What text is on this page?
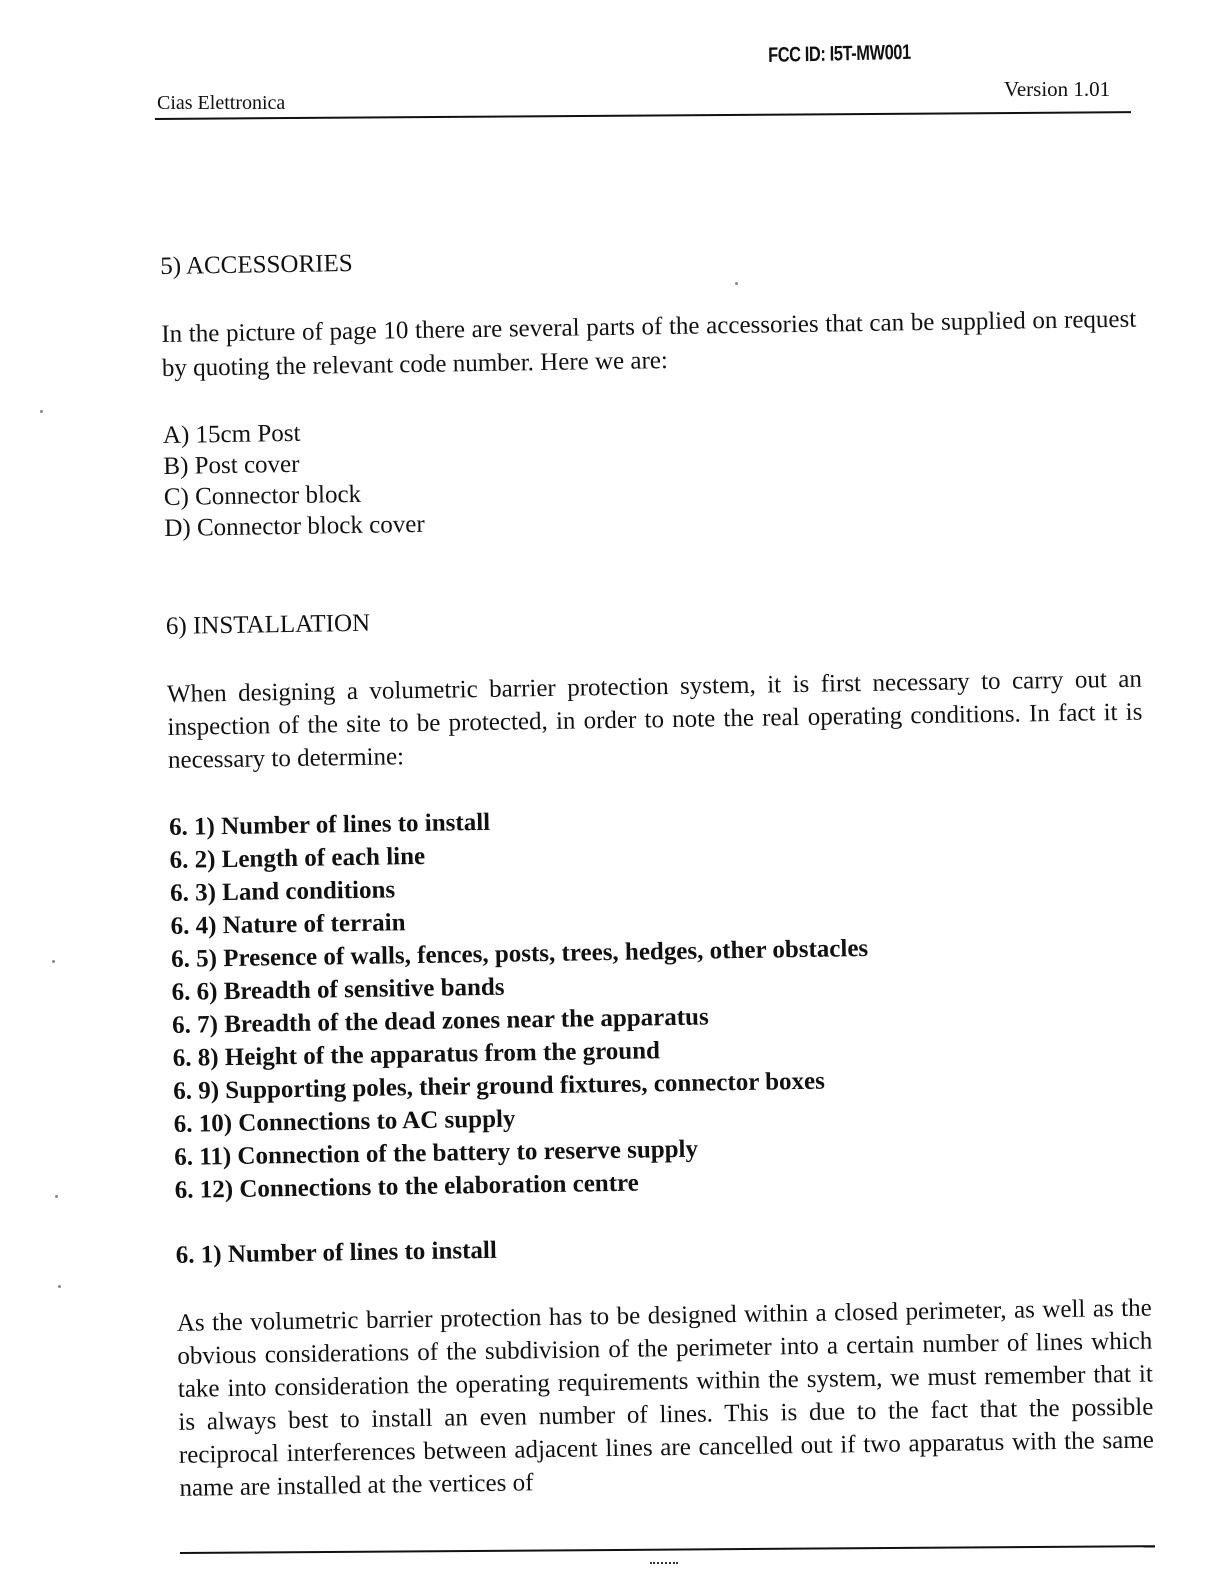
FCC ID: I5T-MW001
Cias Elettronica
Version 1.01
5) ACCESSORIES

In the picture of page 10 there are several parts of the accessories that can be supplied on request by quoting the relevant code number. Here we are:

A) 15cm Post
B) Post cover
C) Connector block
D) Connector block cover
6) INSTALLATION

When designing a volumetric barrier protection system, it is first necessary to carry out an inspection of the site to be protected, in order to note the real operating conditions. In fact it is necessary to determine:

6. 1) Number of lines to install
6. 2) Length of each line
6. 3) Land conditions
6. 4) Nature of terrain
6. 5) Presence of walls, fences, posts, trees, hedges, other obstacles
6. 6) Breadth of sensitive bands
6. 7) Breadth of the dead zones near the apparatus
6. 8) Height of the apparatus from the ground
6. 9) Supporting poles, their ground fixtures, connector boxes
6. 10) Connections to AC supply
6. 11) Connection of the battery to reserve supply
6. 12) Connections to the elaboration centre
6. 1) Number of lines to install

As the volumetric barrier protection has to be designed within a closed perimeter, as well as the obvious considerations of the subdivision of the perimeter into a certain number of lines which take into consideration the operating requirements within the system, we must remember that it is always best to install an even number of lines. This is due to the fact that the possible reciprocal interferences between adjacent lines are cancelled out if two apparatus with the same name are installed at the vertices of
